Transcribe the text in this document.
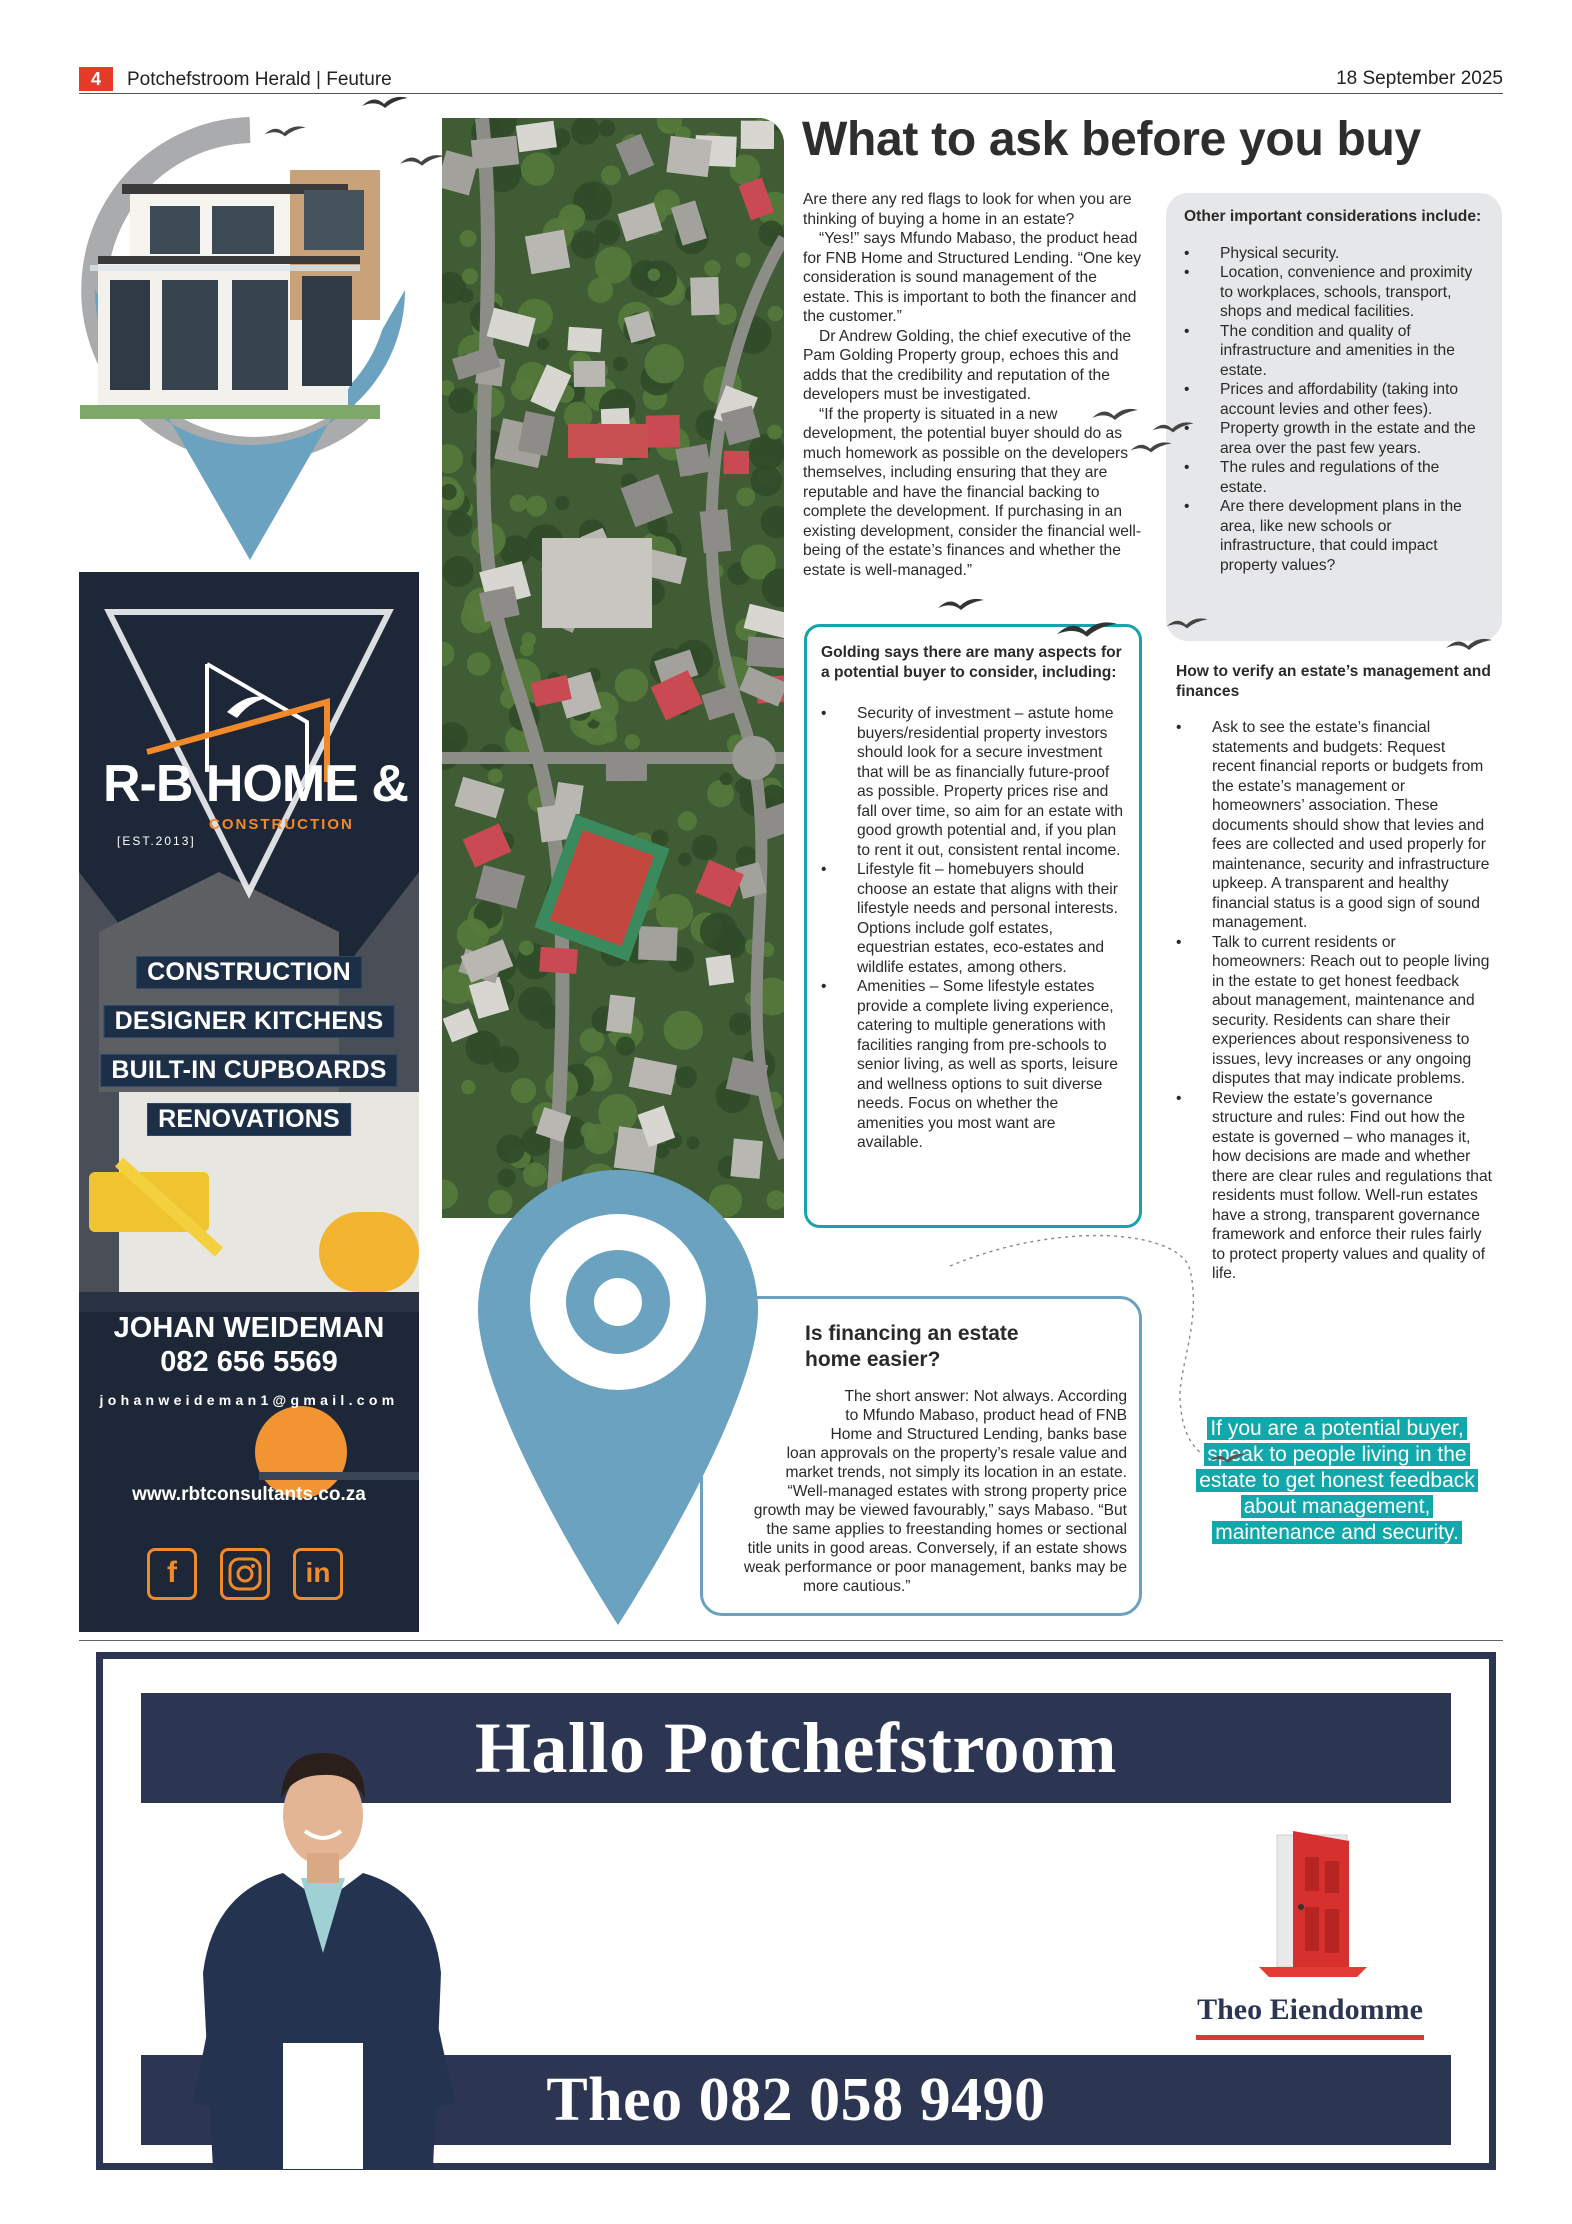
4	Potchefstroom Herald | Feuture	18 September 2025
R-B HOME &
CONSTRUCTION
[EST.2013]
CONSTRUCTION
DESIGNER KITCHENS
BUILT-IN CUPBOARDS
RENOVATIONS
JOHAN WEIDEMAN
082 656 5569
johanweideman1@gmail.com
www.rbtconsultants.co.za
f	in
What to ask before you buy

Are there any red flags to look for when you are thinking of buying a home in an estate?

“Yes!” says Mfundo Mabaso, the product head for FNB Home and Structured Lending. “One key consideration is sound management of the estate. This is important to both the financer and the customer.”

Dr Andrew Golding, the chief executive of the Pam Golding Property group, echoes this and adds that the credibility and reputation of the developers must be investigated.

“If the property is situated in a new development, the potential buyer should do as much homework as possible on the developers themselves, including ensuring that they are reputable and have the financial backing to complete the development. If purchasing in an existing development, consider the financial well-being of the estate’s finances and whether the estate is well-managed.”

Other important considerations include:
• Physical security.
• Location, convenience and proximity to workplaces, schools, transport, shops and medical facilities.
• The condition and quality of infrastructure and amenities in the estate.
• Prices and affordability (taking into account levies and other fees).
• Property growth in the estate and the area over the past few years.
• The rules and regulations of the estate.
• Are there development plans in the area, like new schools or infrastructure, that could impact property values?
Golding says there are many aspects for a potential buyer to consider, including:
• Security of investment – astute home buyers/residential property investors should look for a secure investment that will be as financially future-proof as possible. Property prices rise and fall over time, so aim for an estate with good growth potential and, if you plan to rent it out, consistent rental income.
• Lifestyle fit – homebuyers should choose an estate that aligns with their lifestyle needs and personal interests. Options include golf estates, equestrian estates, eco-estates and wildlife estates, among others.
• Amenities – Some lifestyle estates provide a complete living experience, catering to multiple generations with facilities ranging from pre-schools to senior living, as well as sports, leisure and wellness options to suit diverse needs. Focus on whether the amenities you most want are available.
How to verify an estate’s management and finances
• Ask to see the estate’s financial statements and budgets: Request recent financial reports or budgets from the estate’s management or homeowners’ association. These documents should show that levies and fees are collected and used properly for maintenance, security and infrastructure upkeep. A transparent and healthy financial status is a good sign of sound management.
• Talk to current residents or homeowners: Reach out to people living in the estate to get honest feedback about management, maintenance and security. Residents can share their experiences about responsiveness to issues, levy increases or any ongoing disputes that may indicate problems.
• Review the estate’s governance structure and rules: Find out how the estate is governed – who manages it, how decisions are made and whether there are clear rules and regulations that residents must follow. Well-run estates have a strong, transparent governance framework and enforce their rules fairly to protect property values and quality of life.
Is financing an estate
home easier?
The short answer: Not always. According
to Mfundo Mabaso, product head of FNB
Home and Structured Lending, banks base
loan approvals on the property’s resale value and
market trends, not simply its location in an estate.
“Well-managed estates with strong property price
growth may be viewed favourably,” says Mabaso. “But
the same applies to freestanding homes or sectional
title units in good areas. Conversely, if an estate shows
weak performance or poor management, banks may be
more cautious.”
If you are a potential buyer, speak to people living in the estate to get honest feedback about management, maintenance and security.
Hallo Potchefstroom
Theo 082 058 9490
Theo Eiendomme
